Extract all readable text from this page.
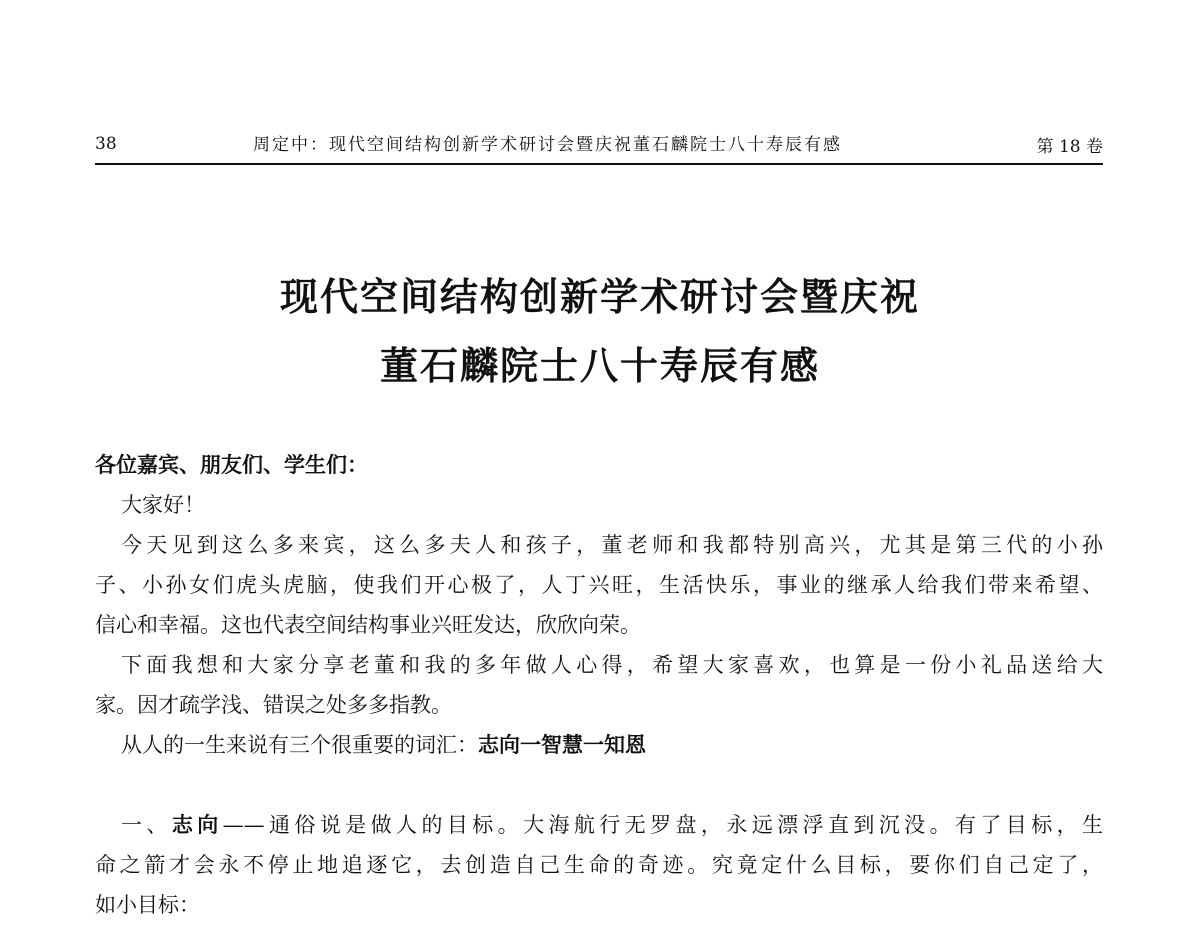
38	周定中：现代空间结构创新学术研讨会暨庆祝董石麟院士八十寿辰有感	第 18 卷
现代空间结构创新学术研讨会暨庆祝
董石麟院士八十寿辰有感
各位嘉宾、朋友们、学生们：
大家好！
今天见到这么多来宾，这么多夫人和孩子，董老师和我都特别高兴，尤其是第三代的小孙
子、小孙女们虎头虎脑，使我们开心极了，人丁兴旺，生活快乐，事业的继承人给我们带来希望、
信心和幸福。这也代表空间结构事业兴旺发达，欣欣向荣。
下面我想和大家分享老董和我的多年做人心得，希望大家喜欢，也算是一份小礼品送给大
家。因才疏学浅、错误之处多多指教。
从人的一生来说有三个很重要的词汇：志向一智慧一知恩
一、志向——通俗说是做人的目标。大海航行无罗盘，永远漂浮直到沉没。有了目标，生
命之箭才会永不停止地追逐它，去创造自己生命的奇迹。究竟定什么目标，要你们自己定了，
如小目标：
